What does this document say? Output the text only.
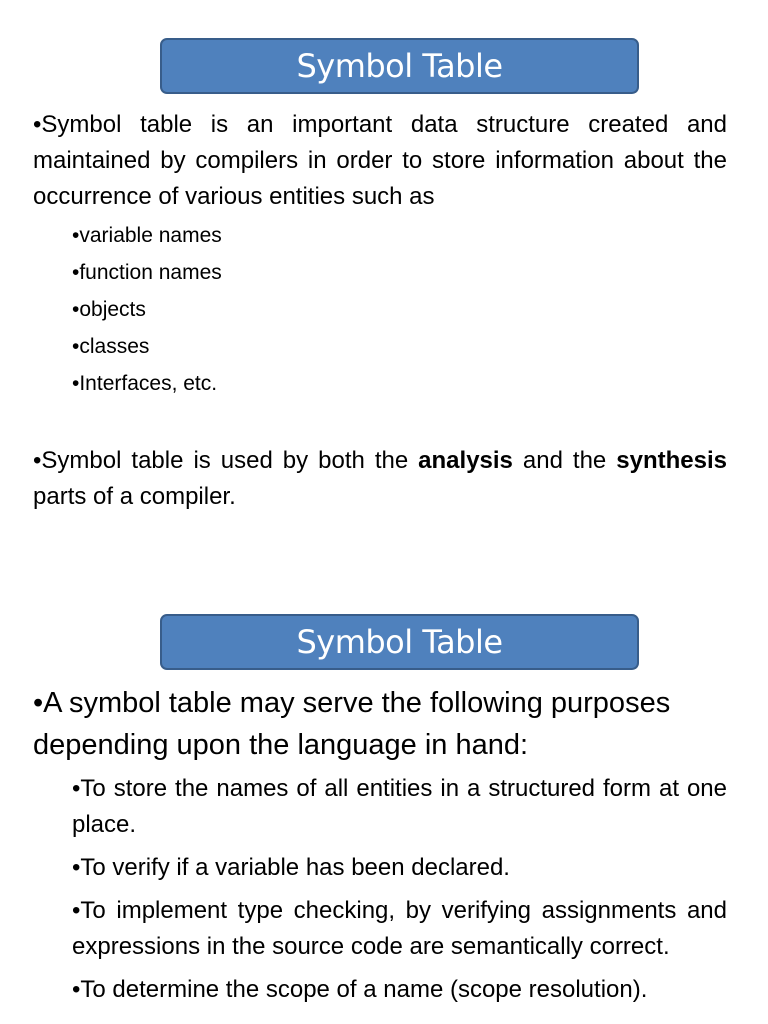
Symbol Table

•Symbol table is an important data structure created and maintained by compilers in order to store information about the occurrence of various entities such as

•variable names
•function names
•objects
•classes
•Interfaces, etc.

•Symbol table is used by both the analysis and the synthesis parts of a compiler.

Symbol Table

•A symbol table may serve the following purposes depending upon the language in hand:

•To store the names of all entities in a structured form at one place.
•To verify if a variable has been declared.
•To implement type checking, by verifying assignments and expressions in the source code are semantically correct.
•To determine the scope of a name (scope resolution).
